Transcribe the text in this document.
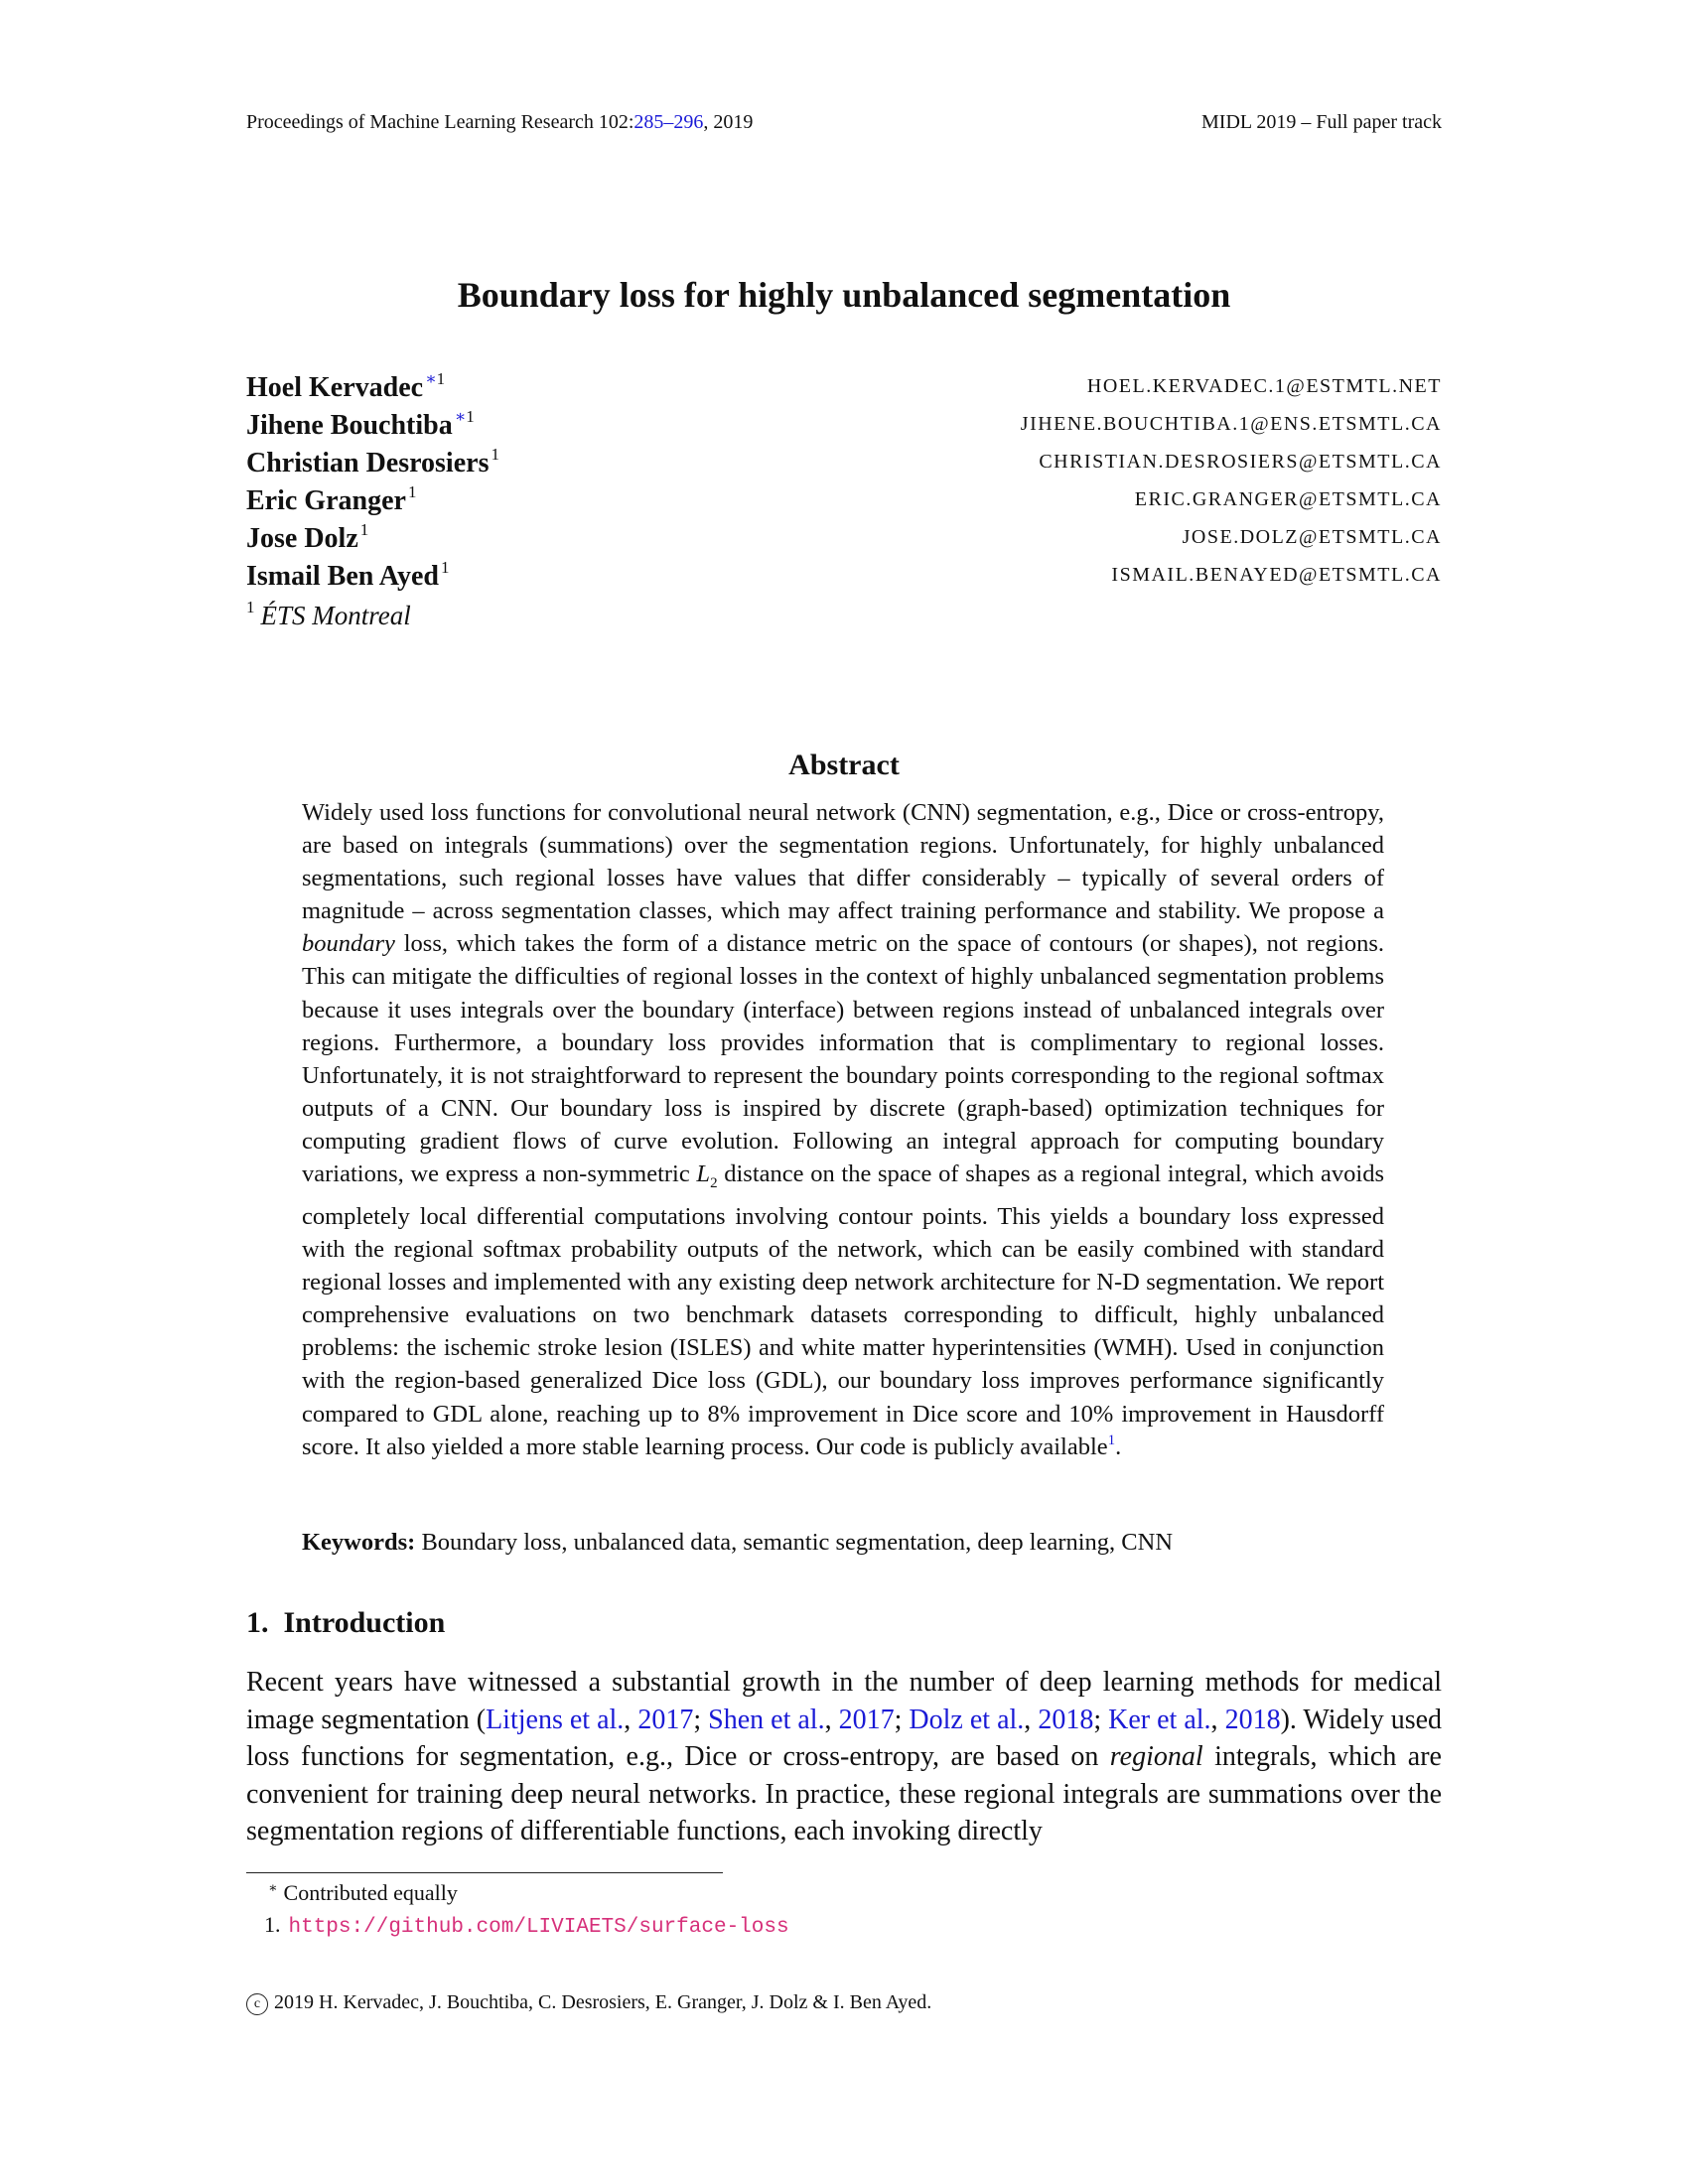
Proceedings of Machine Learning Research 102:285–296, 2019	MIDL 2019 – Full paper track
Boundary loss for highly unbalanced segmentation
Hoel Kervadec $^{∗1}$	HOEL.KERVADEC.1@ESTMTL.NET
Jihene Bouchtiba $^{∗1}$	JIHENE.BOUCHTIBA.1@ENS.ETSMTL.CA
Christian Desrosiers $^1$	CHRISTIAN.DESROSIERS@ETSMTL.CA
Eric Granger $^1$	ERIC.GRANGER@ETSMTL.CA
Jose Dolz $^1$	JOSE.DOLZ@ETSMTL.CA
Ismail Ben Ayed $^1$	ISMAIL.BENAYED@ETSMTL.CA
$^1$ ÉTS Montreal
Abstract
Widely used loss functions for convolutional neural network (CNN) segmentation, e.g., Dice or cross-entropy, are based on integrals (summations) over the segmentation regions. Unfortunately, for highly unbalanced segmentations, such regional losses have values that differ considerably – typically of several orders of magnitude – across segmentation classes, which may affect training performance and stability. We propose a boundary loss, which takes the form of a distance metric on the space of contours (or shapes), not regions. This can mitigate the difficulties of regional losses in the context of highly unbalanced segmentation problems because it uses integrals over the boundary (interface) between regions instead of unbalanced integrals over regions. Furthermore, a boundary loss provides information that is complimentary to regional losses. Unfortunately, it is not straightforward to represent the boundary points corresponding to the regional softmax outputs of a CNN. Our boundary loss is inspired by discrete (graph-based) optimization techniques for computing gradient flows of curve evolution. Following an integral approach for computing boundary variations, we express a non-symmetric $L_2$ distance on the space of shapes as a regional integral, which avoids completely local differential computations involving contour points. This yields a boundary loss expressed with the regional softmax probability outputs of the network, which can be easily combined with standard regional losses and implemented with any existing deep network architecture for N-D segmentation. We report comprehensive evaluations on two benchmark datasets corresponding to difficult, highly unbalanced problems: the ischemic stroke lesion (ISLES) and white matter hyperintensities (WMH). Used in conjunction with the region-based generalized Dice loss (GDL), our boundary loss improves performance significantly compared to GDL alone, reaching up to 8% improvement in Dice score and 10% improvement in Hausdorff score. It also yielded a more stable learning process. Our code is publicly available$^1$.
Keywords: Boundary loss, unbalanced data, semantic segmentation, deep learning, CNN
1. Introduction
Recent years have witnessed a substantial growth in the number of deep learning methods for medical image segmentation (Litjens et al., 2017; Shen et al., 2017; Dolz et al., 2018; Ker et al., 2018). Widely used loss functions for segmentation, e.g., Dice or cross-entropy, are based on regional integrals, which are convenient for training deep neural networks. In practice, these regional integrals are summations over the segmentation regions of differentiable functions, each invoking directly
∗ Contributed equally
1. https://github.com/LIVIAETS/surface-loss
c 2019 H. Kervadec, J. Bouchtiba, C. Desrosiers, E. Granger, J. Dolz & I. Ben Ayed.
